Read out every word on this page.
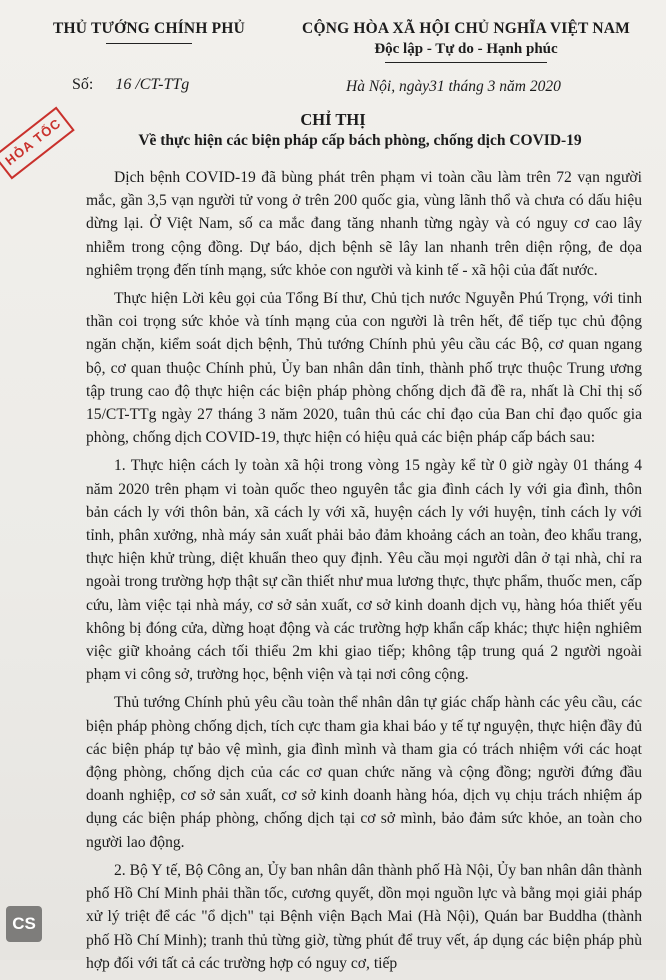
THỦ TƯỚNG CHÍNH PHỦ	CỘNG HÒA XÃ HỘI CHỦ NGHĨA VIỆT NAM
Độc lập - Tự do - Hạnh phúc
Số: 16 /CT-TTg	Hà Nội, ngày31 tháng 3 năm 2020
HỎA TỐC	CHỈ THỊ
Về thực hiện các biện pháp cấp bách phòng, chống dịch COVID-19

Dịch bệnh COVID-19 đã bùng phát trên phạm vi toàn cầu làm trên 72 vạn người mắc, gần 3,5 vạn người tử vong ở trên 200 quốc gia, vùng lãnh thổ và chưa có dấu hiệu dừng lại. Ở Việt Nam, số ca mắc đang tăng nhanh từng ngày và có nguy cơ cao lây nhiễm trong cộng đồng. Dự báo, dịch bệnh sẽ lây lan nhanh trên diện rộng, đe dọa nghiêm trọng đến tính mạng, sức khỏe con người và kinh tế - xã hội của đất nước.

Thực hiện Lời kêu gọi của Tổng Bí thư, Chủ tịch nước Nguyễn Phú Trọng, với tinh thần coi trọng sức khỏe và tính mạng của con người là trên hết, để tiếp tục chủ động ngăn chặn, kiểm soát dịch bệnh, Thủ tướng Chính phủ yêu cầu các Bộ, cơ quan ngang bộ, cơ quan thuộc Chính phủ, Ủy ban nhân dân tỉnh, thành phố trực thuộc Trung ương tập trung cao độ thực hiện các biện pháp phòng chống dịch đã đề ra, nhất là Chỉ thị số 15/CT-TTg ngày 27 tháng 3 năm 2020, tuân thủ các chỉ đạo của Ban chỉ đạo quốc gia phòng, chống dịch COVID-19, thực hiện có hiệu quả các biện pháp cấp bách sau:

1. Thực hiện cách ly toàn xã hội trong vòng 15 ngày kể từ 0 giờ ngày 01 tháng 4 năm 2020 trên phạm vi toàn quốc theo nguyên tắc gia đình cách ly với gia đình, thôn bản cách ly với thôn bản, xã cách ly với xã, huyện cách ly với huyện, tỉnh cách ly với tỉnh, phân xưởng, nhà máy sản xuất phải bảo đảm khoảng cách an toàn, đeo khẩu trang, thực hiện khử trùng, diệt khuẩn theo quy định. Yêu cầu mọi người dân ở tại nhà, chỉ ra ngoài trong trường hợp thật sự cần thiết như mua lương thực, thực phẩm, thuốc men, cấp cứu, làm việc tại nhà máy, cơ sở sản xuất, cơ sở kinh doanh dịch vụ, hàng hóa thiết yếu không bị đóng cửa, dừng hoạt động và các trường hợp khẩn cấp khác; thực hiện nghiêm việc giữ khoảng cách tối thiểu 2m khi giao tiếp; không tập trung quá 2 người ngoài phạm vi công sở, trường học, bệnh viện và tại nơi công cộng.

Thủ tướng Chính phủ yêu cầu toàn thể nhân dân tự giác chấp hành các yêu cầu, các biện pháp phòng chống dịch, tích cực tham gia khai báo y tế tự nguyện, thực hiện đầy đủ các biện pháp tự bảo vệ mình, gia đình mình và tham gia có trách nhiệm với các hoạt động phòng, chống dịch của các cơ quan chức năng và cộng đồng; người đứng đầu doanh nghiệp, cơ sở sản xuất, cơ sở kinh doanh hàng hóa, dịch vụ chịu trách nhiệm áp dụng các biện pháp phòng, chống dịch tại cơ sở mình, bảo đảm sức khỏe, an toàn cho người lao động.

2. Bộ Y tế, Bộ Công an, Ủy ban nhân dân thành phố Hà Nội, Ủy ban nhân dân thành phố Hồ Chí Minh phải thần tốc, cương quyết, dồn mọi nguồn lực và bằng mọi giải pháp xử lý triệt để các "ổ dịch" tại Bệnh viện Bạch Mai (Hà Nội), Quán bar Buddha (thành phố Hồ Chí Minh); tranh thủ từng giờ, từng phút để truy vết, áp dụng các biện pháp phù hợp đối với tất cả các trường hợp có nguy cơ, tiếp

CS
